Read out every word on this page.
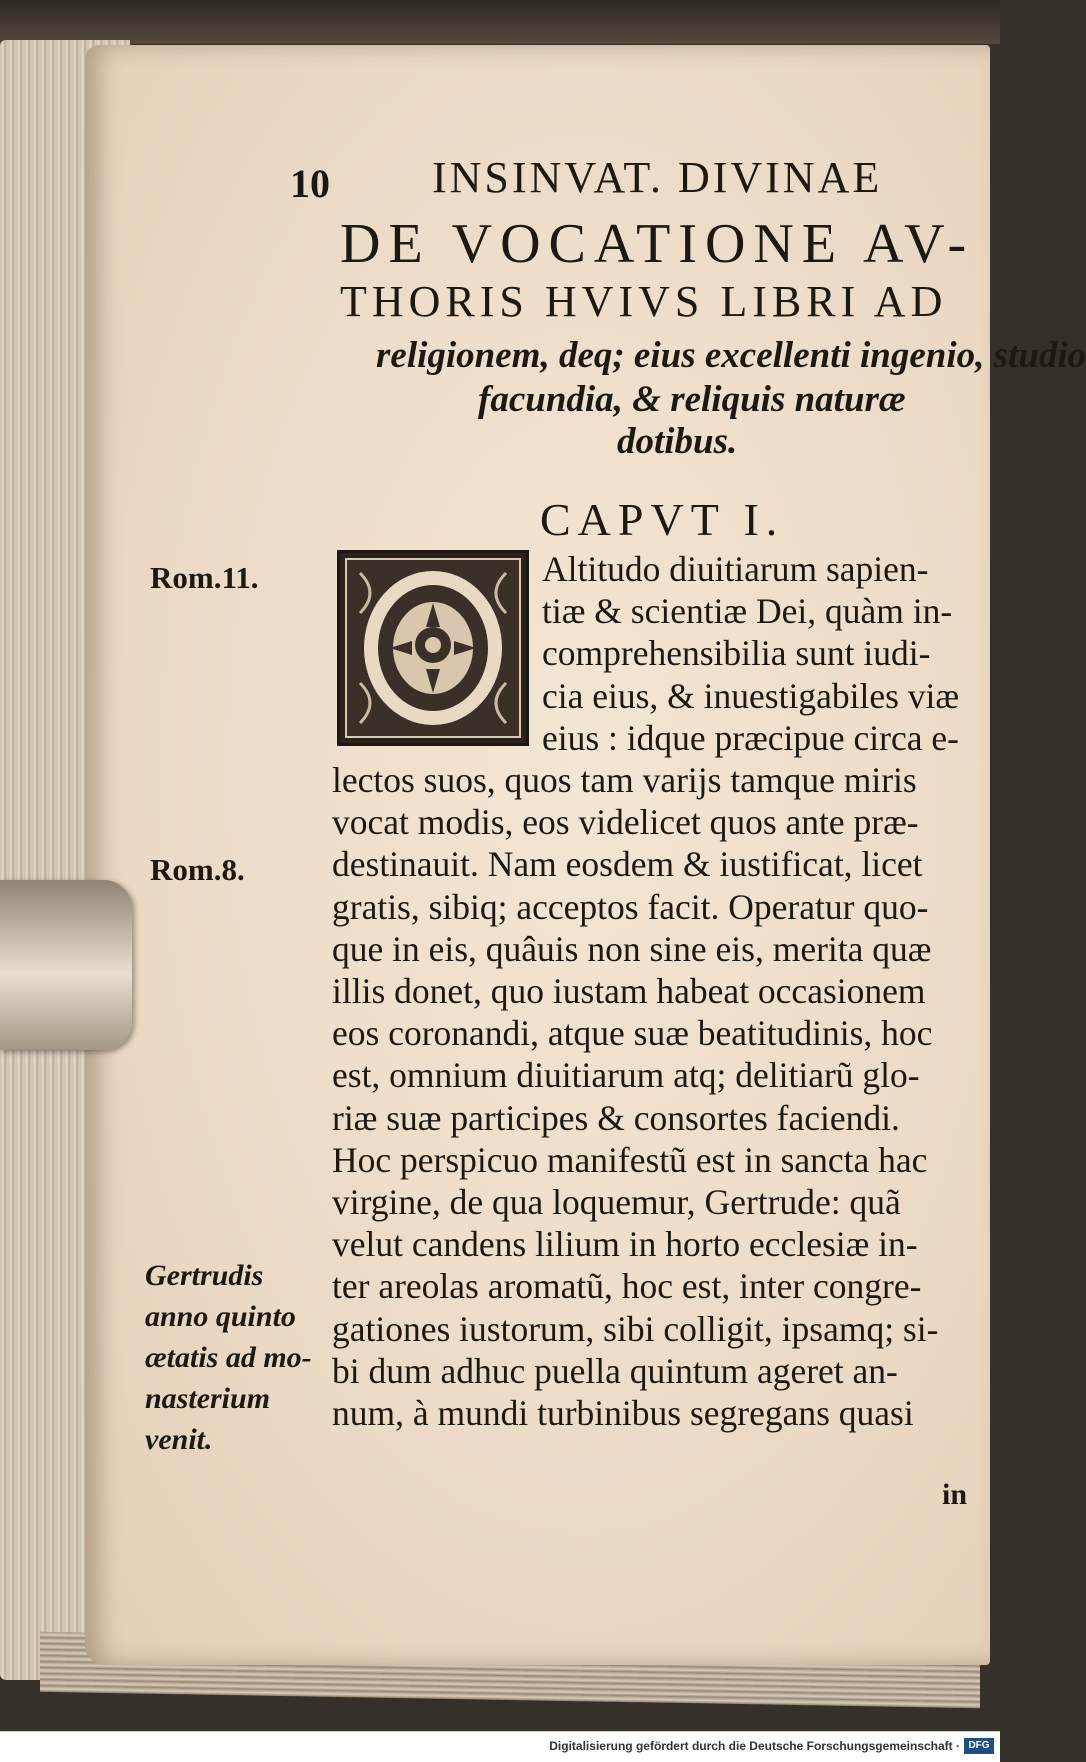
10 INSINVAT. DIVINAE
DE VOCATIONE AV-
THORIS HVIVS LIBRI AD
religionem, deq; eius excellenti ingenio, studio
facundia, & reliquis naturæ
dotibus.
CAPVT I.
Rom.11.
Rom.8.
Gertrudis
anno quinto
ætatis ad mo-
nasterium
venit.
Altitudo diuitiarum sapien-
tiæ & scientiæ Dei, quàm in-
comprehensibilia sunt iudi-
cia eius, & inuestigabiles viæ
eius : idque præcipue circa e-
lectos suos, quos tam varijs tamque miris
vocat modis, eos videlicet quos ante præ-
destinauit. Nam eosdem & iustificat, licet
gratis, sibiq; acceptos facit. Operatur quo-
que in eis, quâuis non sine eis, merita quæ
illis donet, quo iustam habeat occasionem
eos coronandi, atque suæ beatitudinis, hoc
est, omnium diuitiarum atq; delitiarũ glo-
riæ suæ participes & consortes faciendi.
Hoc perspicuo manifestũ est in sancta hac
virgine, de qua loquemur, Gertrude: quã
velut candens lilium in horto ecclesiæ in-
ter areolas aromatũ, hoc est, inter congre-
gationes iustorum, sibi colligit, ipsamq; si-
bi dum adhuc puella quintum ageret an-
num, à mundi turbinibus segregans quasi
in
Digitalisierung gefördert durch die Deutsche Forschungsgemeinschaft · DFG
